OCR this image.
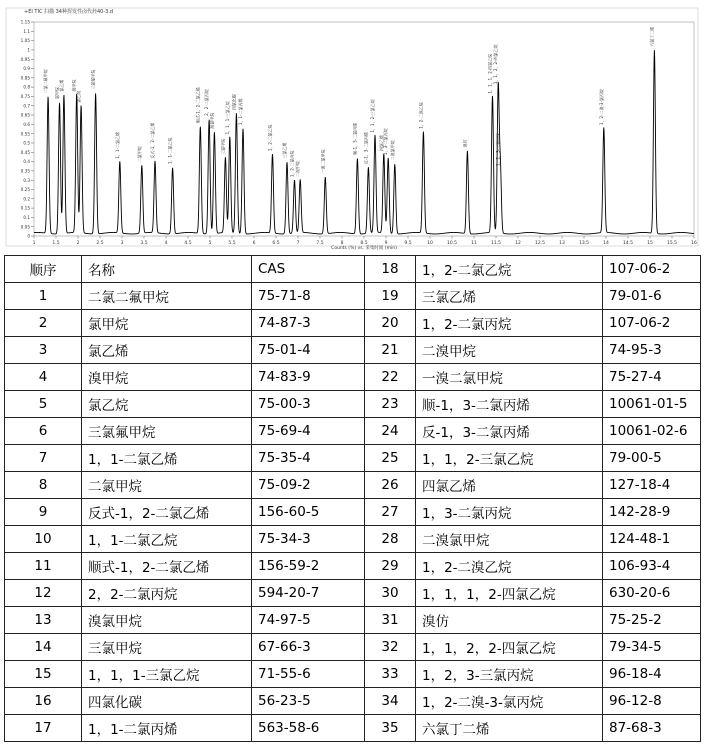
0
0.05
0.1
0.15
0.2
0.25
0.3
0.35
0.4
0.45
0.5
0.55
0.6
0.65
0.7
0.75
0.8
0.85
0.9
0.95
1
1.05
1.1
1.15
1	1.5	2	2.5	3	3.5	4	4.5	5	5.5	6	6.5	7	7.5	8	8.5	9	9.5	10	10.5	11	11.5	12	12.5	13	13.5	14	14.5	15	15.5	16
二氯二氟甲烷 氯甲烷
氯乙烯 溴甲烷
氯乙烷
三氯氟甲烷
1，1-二氯乙烯	二氯甲烷 反式-1，2-二氯乙烯	1，1-二氯乙烷
顺式-1，2-二氯乙烯 2，2-二氯丙烷
溴氯甲烷
三氯甲烷
1，1，1-三氯乙烷 四氯化碳 1，1-二氯丙烯
1，2-二氯乙烷 三氯乙烯
1，2-二氯丙烷 二溴甲烷	一溴二氯甲烷
顺-1，3-二氯丙烯 反-1，3-二氯丙烯
1，1，2-三氯乙烷
四氯乙烯 1，3-二氯丙烷 二溴氯甲烷
1，2-二溴乙烷
溴仿
1，1，1，2-四氯乙烷 1，1，2，2-四氯乙烷
1，2，3-三氯丙烷
1，2-二溴-3-氯丙烷
六氯丁二烯
+EI TIC 扫描 34种挥发性卤代烃40-3.d
Counts (%) vs. 采集时间 (min)
顺序	名称	CAS	18	1，2-二氯乙烷	107-06-2
1	二氯二氟甲烷	75-71-8	19	三氯乙烯	79-01-6
2	氯甲烷	74-87-3	20	1，2-二氯丙烷	107-06-2
3	氯乙烯	75-01-4	21	二溴甲烷	74-95-3
4	溴甲烷	74-83-9	22	一溴二氯甲烷	75-27-4
5	氯乙烷	75-00-3	23	顺-1，3-二氯丙烯	10061-01-5
6	三氯氟甲烷	75-69-4	24	反-1，3-二氯丙烯	10061-02-6
7	1，1-二氯乙烯	75-35-4	25	1，1，2-三氯乙烷	79-00-5
8	二氯甲烷	75-09-2	26	四氯乙烯	127-18-4
9	反式-1，2-二氯乙烯	156-60-5	27	1，3-二氯丙烷	142-28-9
10	1，1-二氯乙烷	75-34-3	28	二溴氯甲烷	124-48-1
11	顺式-1，2-二氯乙烯	156-59-2	29	1，2-二溴乙烷	106-93-4
12	2，2-二氯丙烷	594-20-7	30	1，1，1，2-四氯乙烷	630-20-6
13	溴氯甲烷	74-97-5	31	溴仿	75-25-2
14	三氯甲烷	67-66-3	32	1，1，2，2-四氯乙烷	79-34-5
15	1，1，1-三氯乙烷	71-55-6	33	1，2，3-三氯丙烷	96-18-4
16	四氯化碳	56-23-5	34	1，2-二溴-3-氯丙烷	96-12-8
17	1，1-二氯丙烯	563-58-6	35	六氯丁二烯	87-68-3
